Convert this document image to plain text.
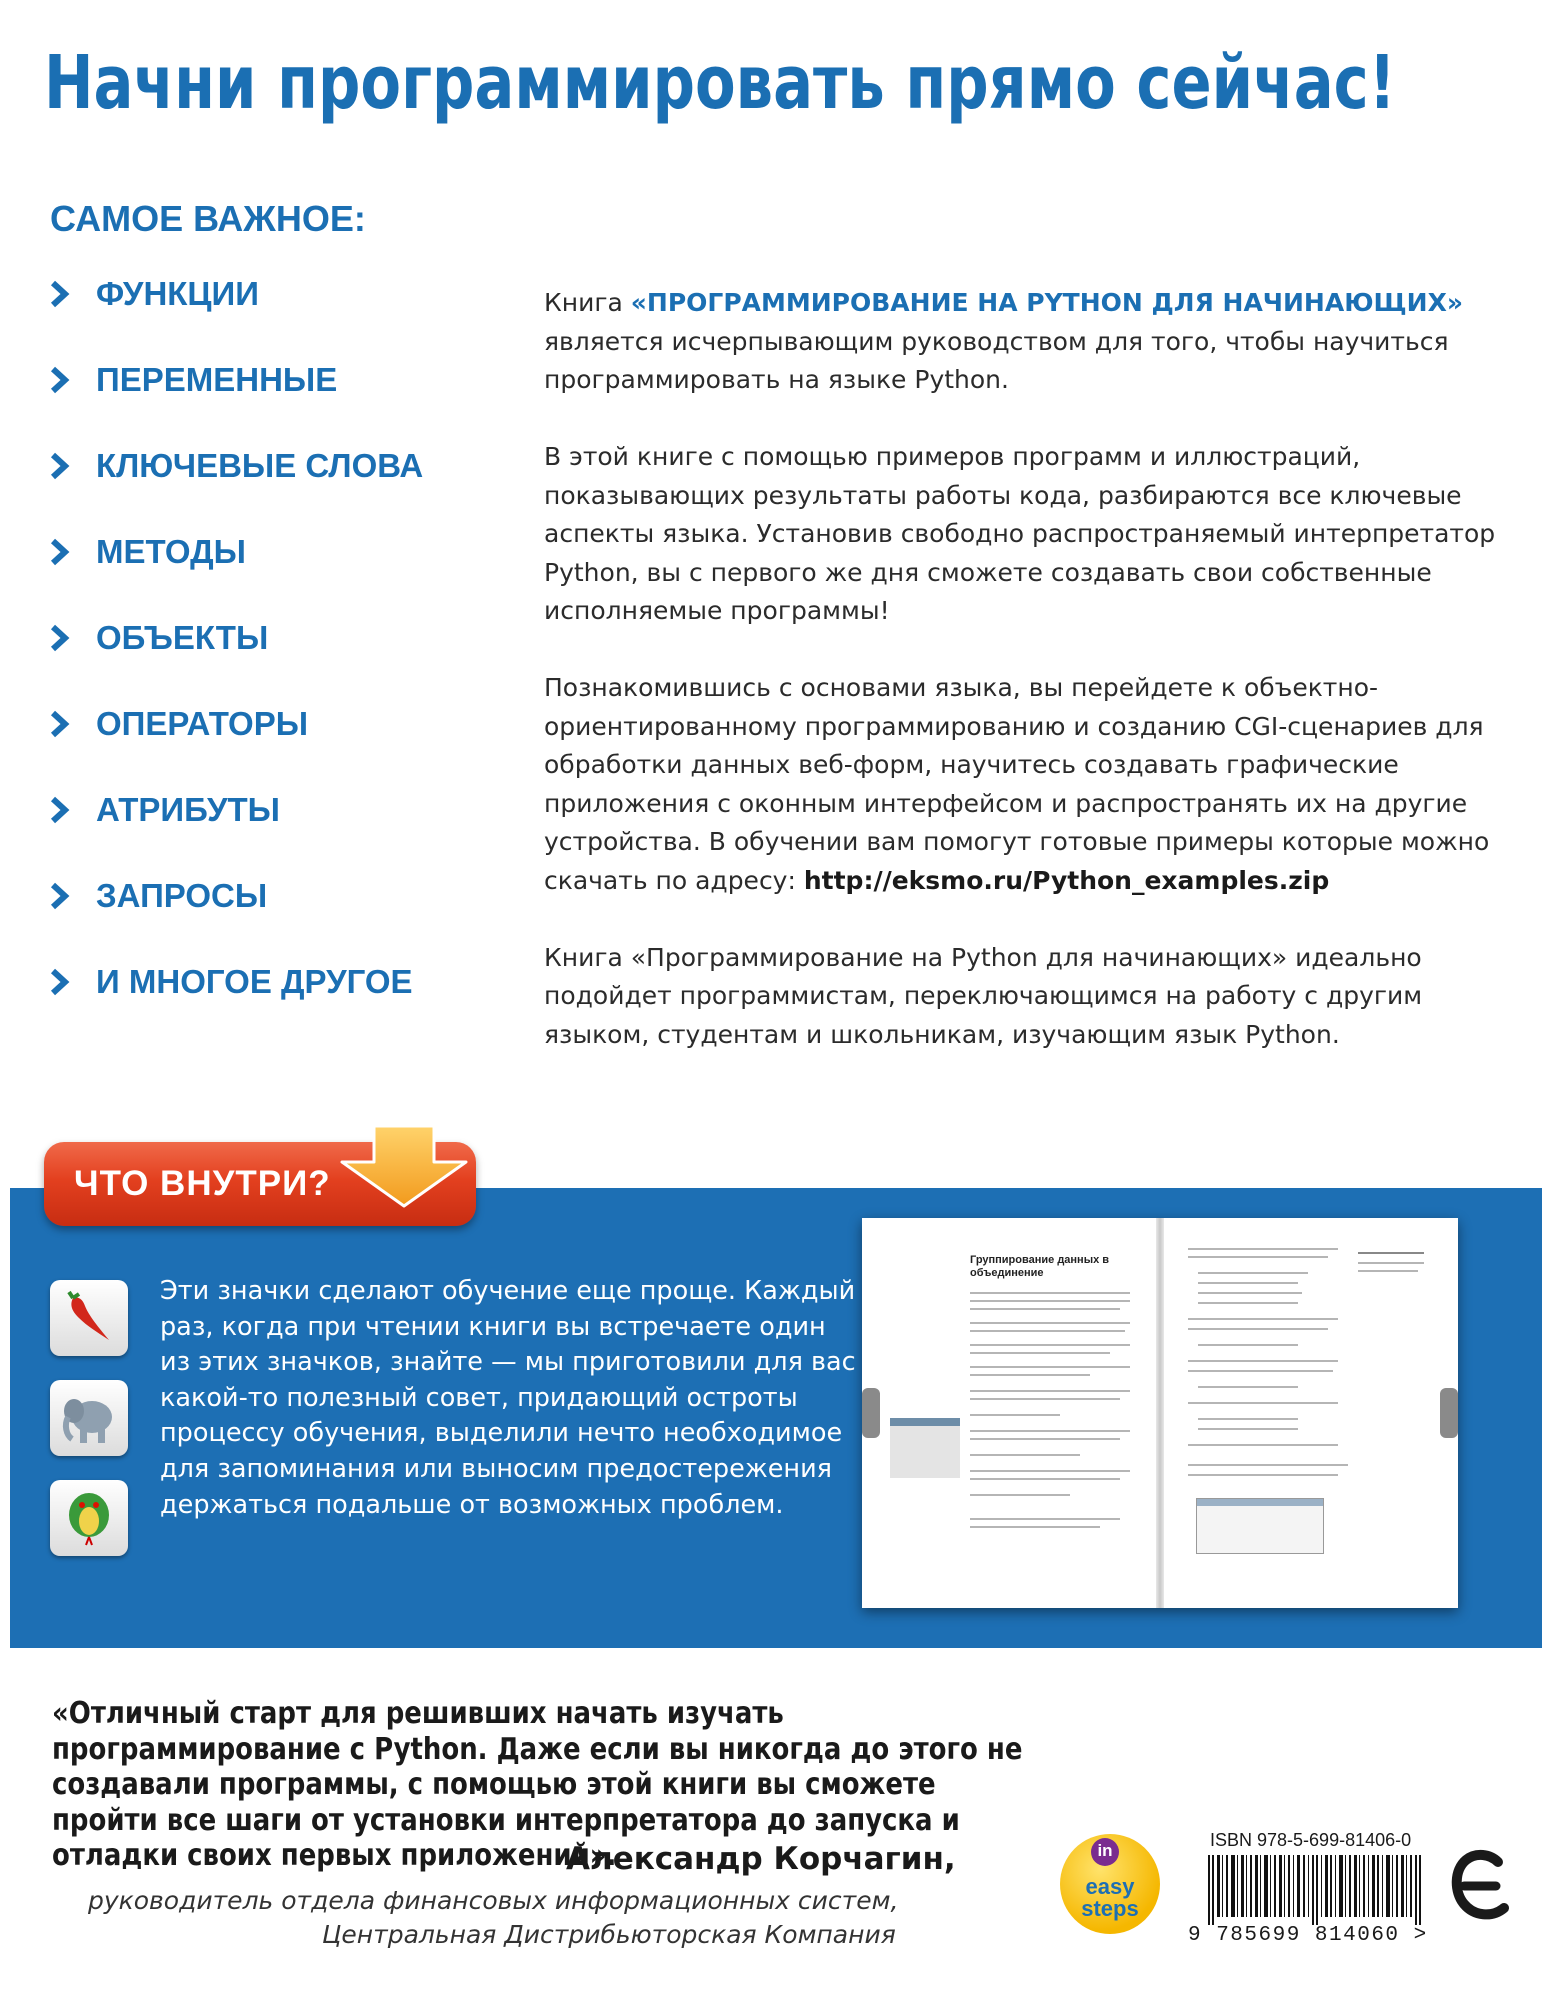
Начни программировать прямо сейчас!
САМОЕ ВАЖНОЕ:
ФУНКЦИИ
ПЕРЕМЕННЫЕ
КЛЮЧЕВЫЕ СЛОВА
МЕТОДЫ
ОБЪЕКТЫ
ОПЕРАТОРЫ
АТРИБУТЫ
ЗАПРОСЫ
И МНОГОЕ ДРУГОЕ

Книга «ПРОГРАММИРОВАНИЕ НА PYTHON ДЛЯ НАЧИНАЮЩИХ» является исчерпывающим руководством для того, чтобы научиться программировать на языке Python.

В этой книге с помощью примеров программ и иллюстраций, показывающих результаты работы кода, разбираются все ключевые аспекты языка. Установив свободно распространяемый интерпретатор Python, вы с первого же дня сможете создавать свои собственные исполняемые программы!

Познакомившись с основами языка, вы перейдете к объектно-ориентированному программированию и созданию CGI-сценариев для обработки данных веб-форм, научитесь создавать графические приложения с оконным интерфейсом и распространять их на другие устройства. В обучении вам помогут готовые примеры которые можно скачать по адресу: http://eksmo.ru/Python_examples.zip

Книга «Программирование на Python для начинающих» идеально подойдет программистам, переключающимся на работу с другим языком, студентам и школьникам, изучающим язык Python.

ЧТО ВНУТРИ?
Эти значки сделают обучение еще проще. Каждый раз, когда при чтении книги вы встречаете один из этих значков, знайте — мы приготовили для вас какой-то полезный совет, придающий остроты процессу обучения, выделили нечто необходимое для запоминания или выносим предостережения держаться подальше от возможных проблем.
Группирование данных в объединение
«Отличный старт для решивших начать изучать программирование с Python. Даже если вы никогда до этого не создавали программы, с помощью этой книги вы сможете пройти все шаги от установки интерпретатора до запуска и отладки своих первых приложений».
Александр Корчагин,
руководитель отдела финансовых информационных систем,
Центральная Дистрибьюторская Компания
in
easy steps
ISBN 978-5-699-81406-0
9 785699 814060 >
